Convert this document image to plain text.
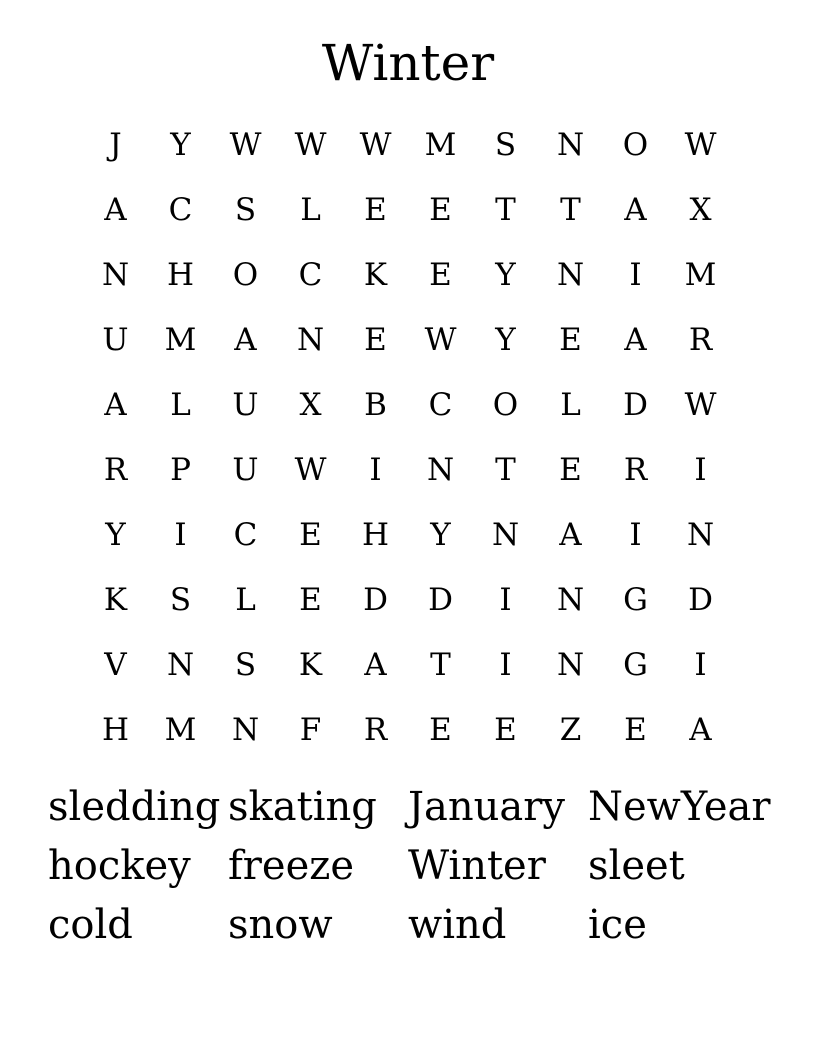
Winter
J	Y	W	W	W	M	S	N	O	W
A	C	S	L	E	E	T	T	A	X
N	H	O	C	K	E	Y	N	I	M
U	M	A	N	E	W	Y	E	A	R
A	L	U	X	B	C	O	L	D	W
R	P	U	W	I	N	T	E	R	I
Y	I	C	E	H	Y	N	A	I	N
K	S	L	E	D	D	I	N	G	D
V	N	S	K	A	T	I	N	G	I
H	M	N	F	R	E	E	Z	E	A
sledding skating January NewYear
hockey freeze	Winter	sleet
cold	snow	wind	ice
